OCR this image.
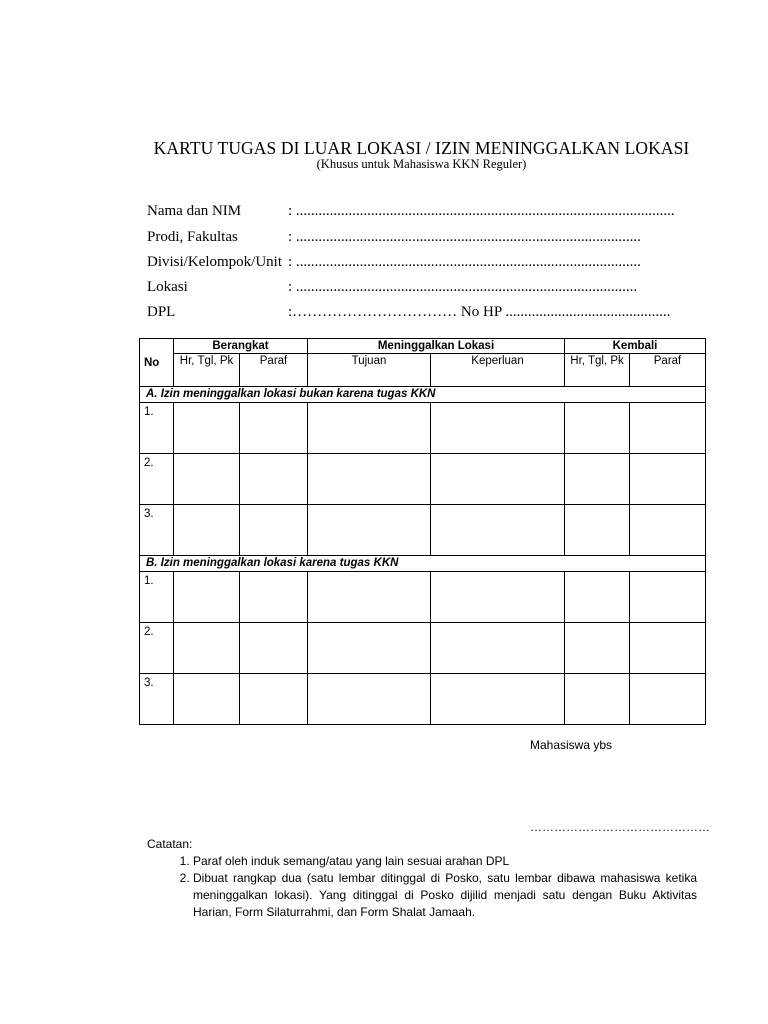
KARTU TUGAS DI LUAR LOKASI / IZIN MENINGGALKAN LOKASI
(Khusus untuk Mahasiswa KKN Reguler)
Nama dan NIM	: .....................................................................................................
Prodi, Fakultas	: ............................................................................................
Divisi/Kelompok/Unit : ............................................................................................
Lokasi	: ...........................................................................................
DPL	:…………………………… No HP ............................................
No	Berangkat		Meninggalkan Lokasi		Kembali	
	Hr, Tgl, Pk	Paraf	Tujuan	Keperluan	Hr, Tgl, Pk	Paraf
A. Izin meninggalkan lokasi bukan karena tugas KKN						
1.						
2.						
3.						
B. Izin meninggalkan lokasi karena tugas KKN						
1.						
2.						
3.						
Mahasiswa ybs
………………………………………
Catatan:
1. Paraf oleh induk semang/atau yang lain sesuai arahan DPL
2. Dibuat rangkap dua (satu lembar ditinggal di Posko, satu lembar dibawa mahasiswa ketika meninggalkan lokasi). Yang ditinggal di Posko dijilid menjadi satu dengan Buku Aktivitas Harian, Form Silaturrahmi, dan Form Shalat Jamaah.
